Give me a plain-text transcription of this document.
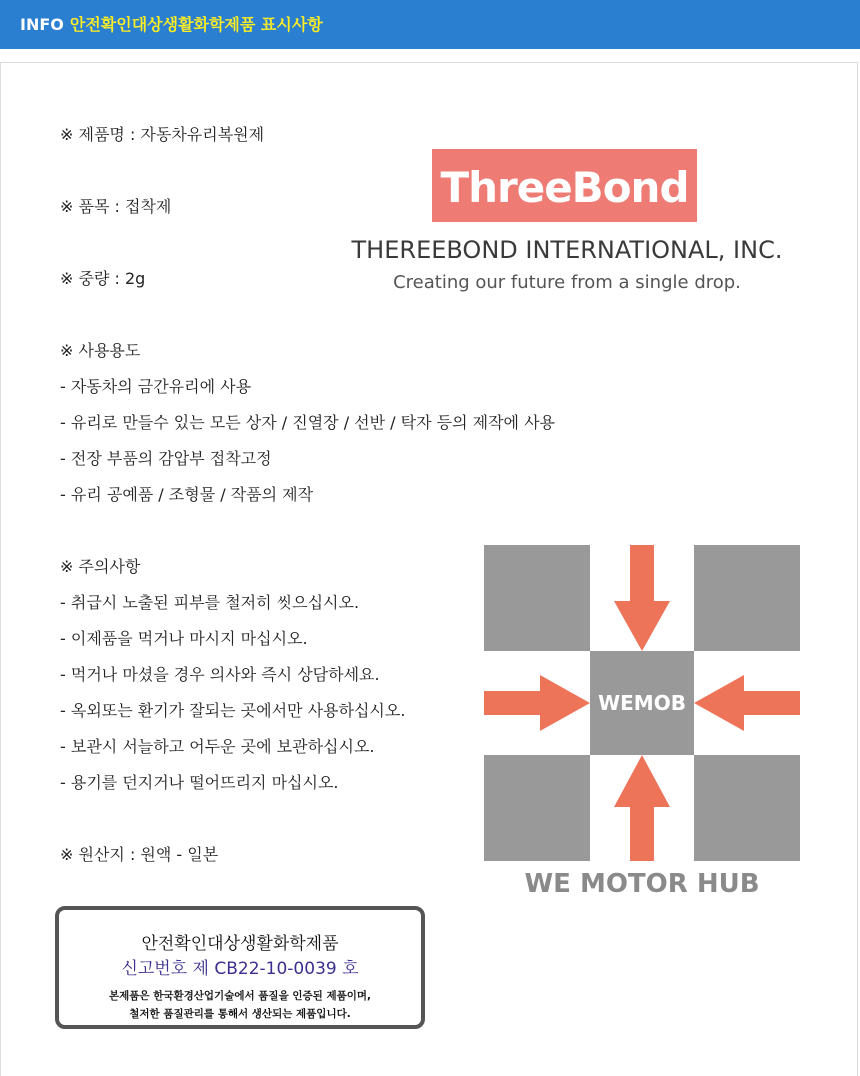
INFO 안전확인대상생활화학제품 표시사항
※ 제품명 : 자동차유리복원제
※ 품목 : 접착제
※ 중량 : 2g
※ 사용용도
- 자동차의 금간유리에 사용
- 유리로 만들수 있는 모든 상자 / 진열장 / 선반 / 탁자 등의 제작에 사용
- 전장 부품의 감압부 접착고정
- 유리 공예품 / 조형물 / 작품의 제작
※ 주의사항
- 취급시 노출된 피부를 철저히 씻으십시오.
- 이제품을 먹거나 마시지 마십시오.
- 먹거나 마셨을 경우 의사와 즉시 상담하세요.
- 옥외또는 환기가 잘되는 곳에서만 사용하십시오.
- 보관시 서늘하고 어두운 곳에 보관하십시오.
- 용기를 던지거나 떨어뜨리지 마십시오.
※ 원산지 : 원액 - 일본
ThreeBond
THEREEBOND INTERNATIONAL, INC.
Creating our future from a single drop.
WEMOB
WE MOTOR HUB
안전확인대상생활화학제품
신고번호 제 CB22-10-0039 호
본제품은 한국환경산업기술에서 품질을 인증된 제품이며,
철저한 품질관리를 통해서 생산되는 제품입니다.
